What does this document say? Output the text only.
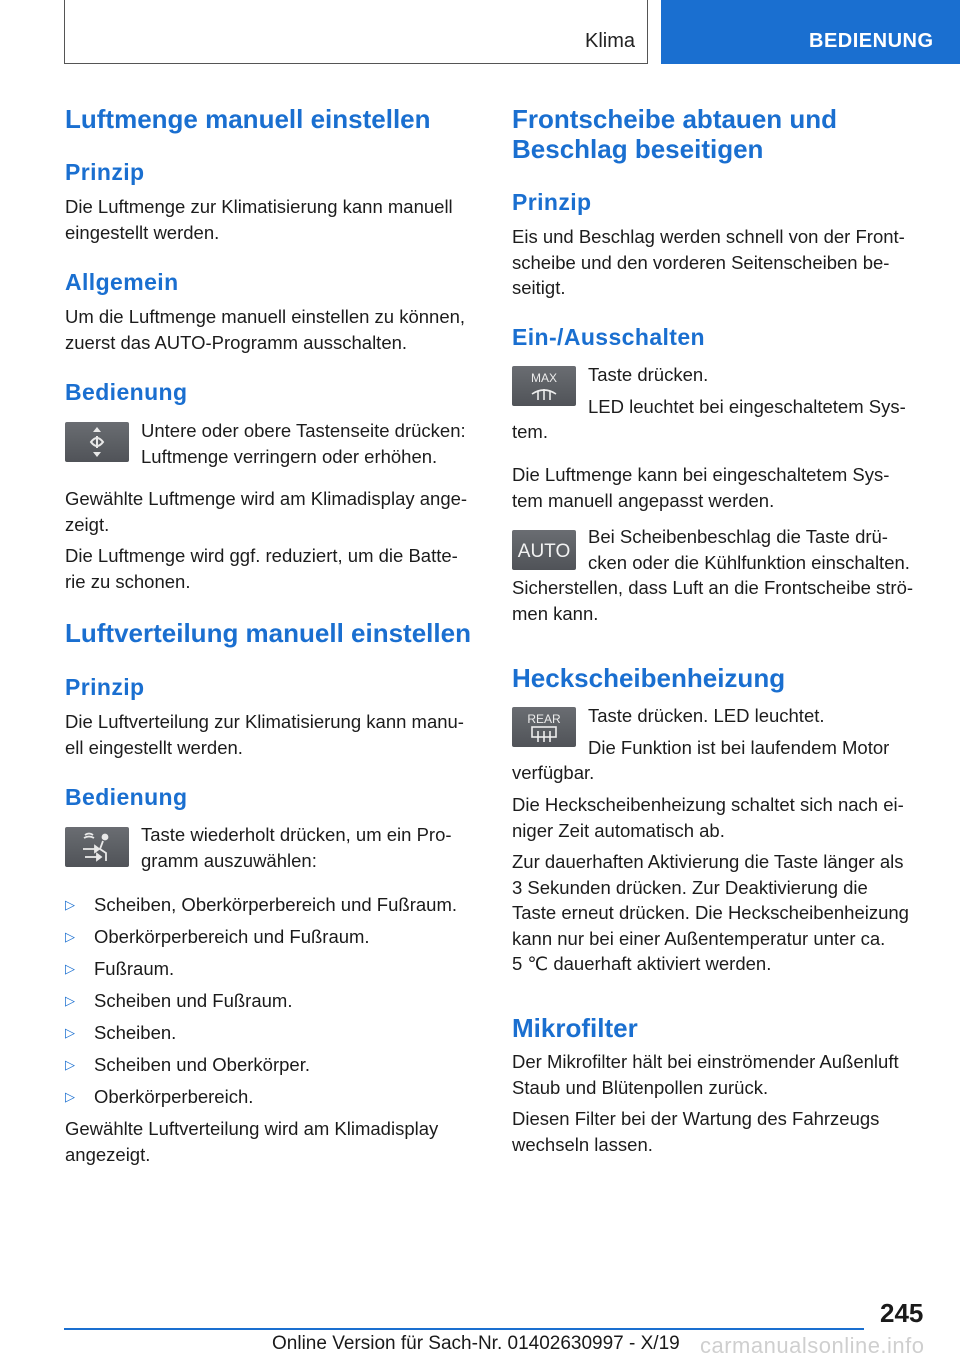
Klima	BEDIENUNG
Luftmenge manuell einstellen
Prinzip

Die Luftmenge zur Klimatisierung kann manuell

eingestellt werden.

Allgemein

Um die Luftmenge manuell einstellen zu können,

zuerst das AUTO-Programm ausschalten.

Bedienung

Untere oder obere Tastenseite drücken:

Luftmenge verringern oder erhöhen.

Gewählte Luftmenge wird am Klimadisplay ange‐

zeigt.

Die Luftmenge wird ggf. reduziert, um die Batte‐

rie zu schonen.

Luftverteilung manuell einstellen
Prinzip

Die Luftverteilung zur Klimatisierung kann manu‐

ell eingestellt werden.

Bedienung

Taste wiederholt drücken, um ein Pro‐

gramm auszuwählen:

▷ Scheiben, Oberkörperbereich und Fußraum.
▷ Oberkörperbereich und Fußraum.
▷ Fußraum.
▷ Scheiben und Fußraum.
▷ Scheiben.
▷ Scheiben und Oberkörper.
▷ Oberkörperbereich.

Gewählte Luftverteilung wird am Klimadisplay

angezeigt.

Frontscheibe abtauen und
Beschlag beseitigen
Prinzip

Eis und Beschlag werden schnell von der Front‐

scheibe und den vorderen Seitenscheiben be‐

seitigt.

Ein-/Ausschalten
MAX Taste drücken.

LED leuchtet bei eingeschaltetem Sys‐

tem.

Die Luftmenge kann bei eingeschaltetem Sys‐

tem manuell angepasst werden.

AUTO

Bei Scheibenbeschlag die Taste drü‐

cken oder die Kühlfunktion einschalten.

Sicherstellen, dass Luft an die Frontscheibe strö‐

men kann.

Heckscheibenheizung
REAR Taste drücken. LED leuchtet.

Die Funktion ist bei laufendem Motor

verfügbar.

Die Heckscheibenheizung schaltet sich nach ei‐

niger Zeit automatisch ab.

Zur dauerhaften Aktivierung die Taste länger als

3 Sekunden drücken. Zur Deaktivierung die

Taste erneut drücken. Die Heckscheibenheizung

kann nur bei einer Außentemperatur unter ca.

5 ℃ dauerhaft aktiviert werden.

Mikrofilter

Der Mikrofilter hält bei einströmender Außenluft

Staub und Blütenpollen zurück.

Diesen Filter bei der Wartung des Fahrzeugs

wechseln lassen.

245
Online Version für Sach-Nr. 01402630997 - X/19 carmanualsonline.info
